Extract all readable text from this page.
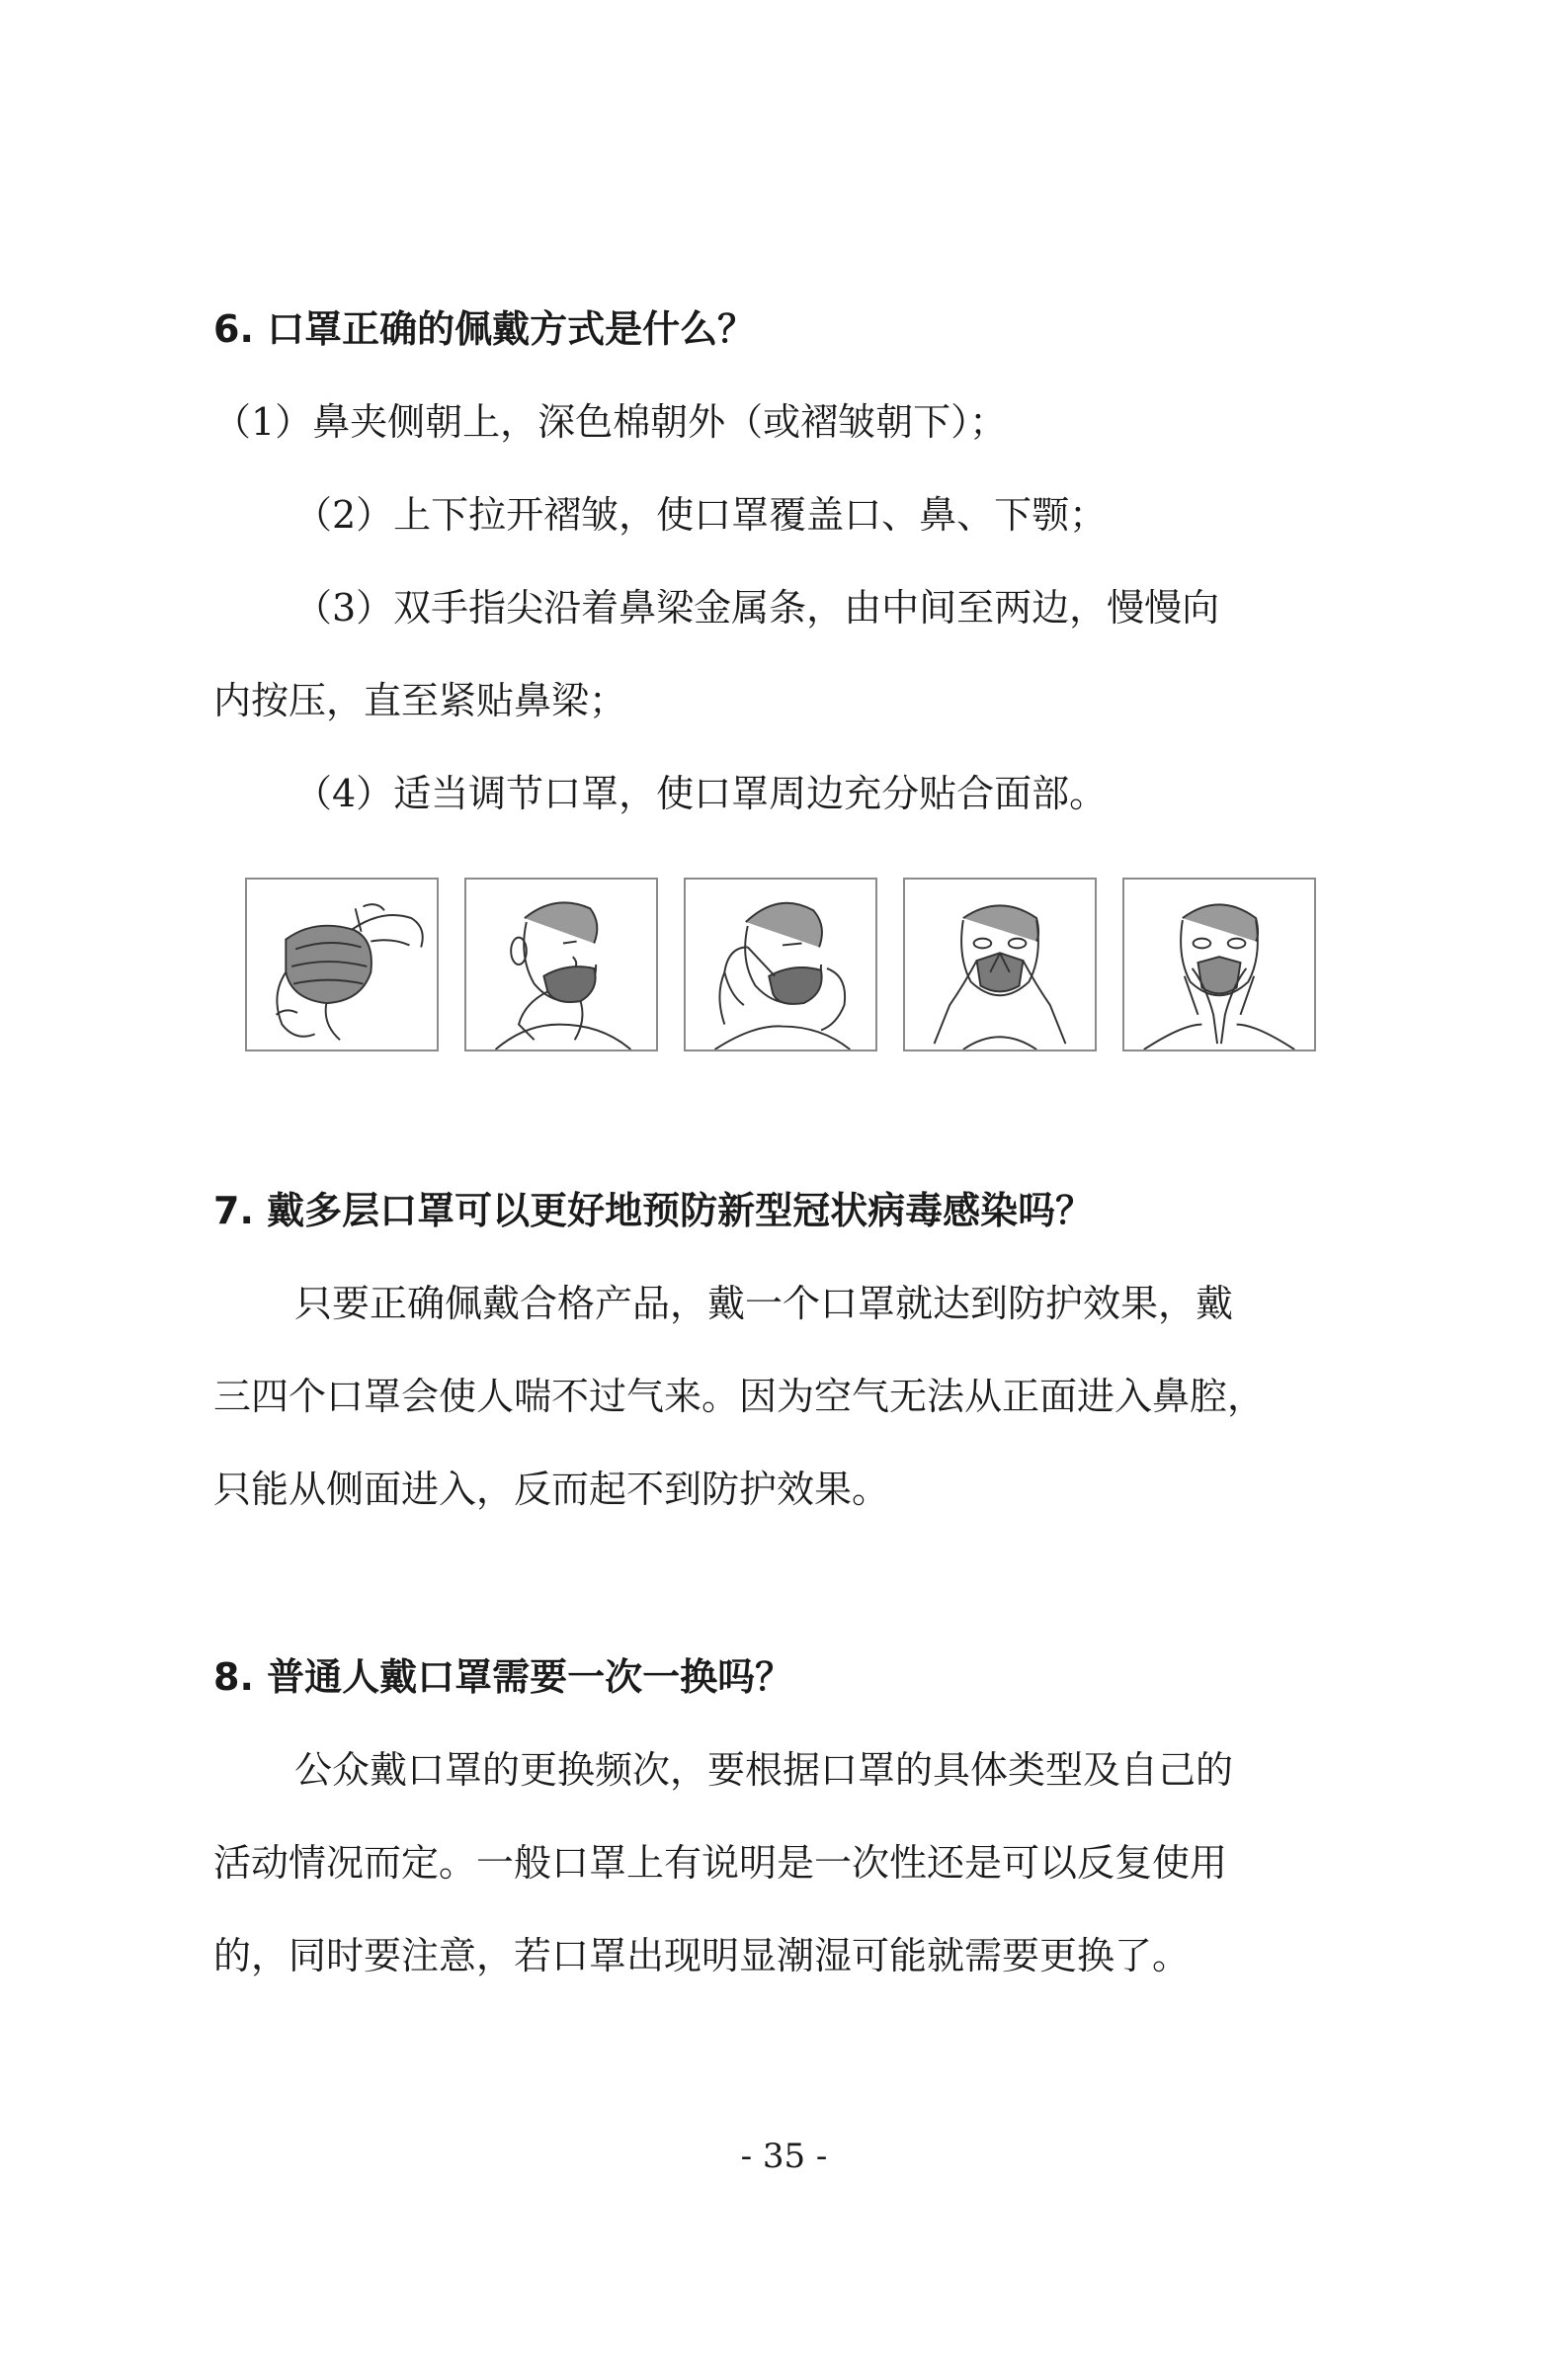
6. 口罩正确的佩戴方式是什么？
（1）鼻夹侧朝上，深色棉朝外（或褶皱朝下）；
（2）上下拉开褶皱，使口罩覆盖口、鼻、下颚；
（3）双手指尖沿着鼻梁金属条，由中间至两边，慢慢向
内按压，直至紧贴鼻梁；
（4）适当调节口罩，使口罩周边充分贴合面部。
7. 戴多层口罩可以更好地预防新型冠状病毒感染吗？
只要正确佩戴合格产品，戴一个口罩就达到防护效果，戴
三四个口罩会使人喘不过气来。因为空气无法从正面进入鼻腔，
只能从侧面进入，反而起不到防护效果。
8. 普通人戴口罩需要一次一换吗？
公众戴口罩的更换频次，要根据口罩的具体类型及自己的
活动情况而定。一般口罩上有说明是一次性还是可以反复使用
的，同时要注意，若口罩出现明显潮湿可能就需要更换了。
- 35 -
